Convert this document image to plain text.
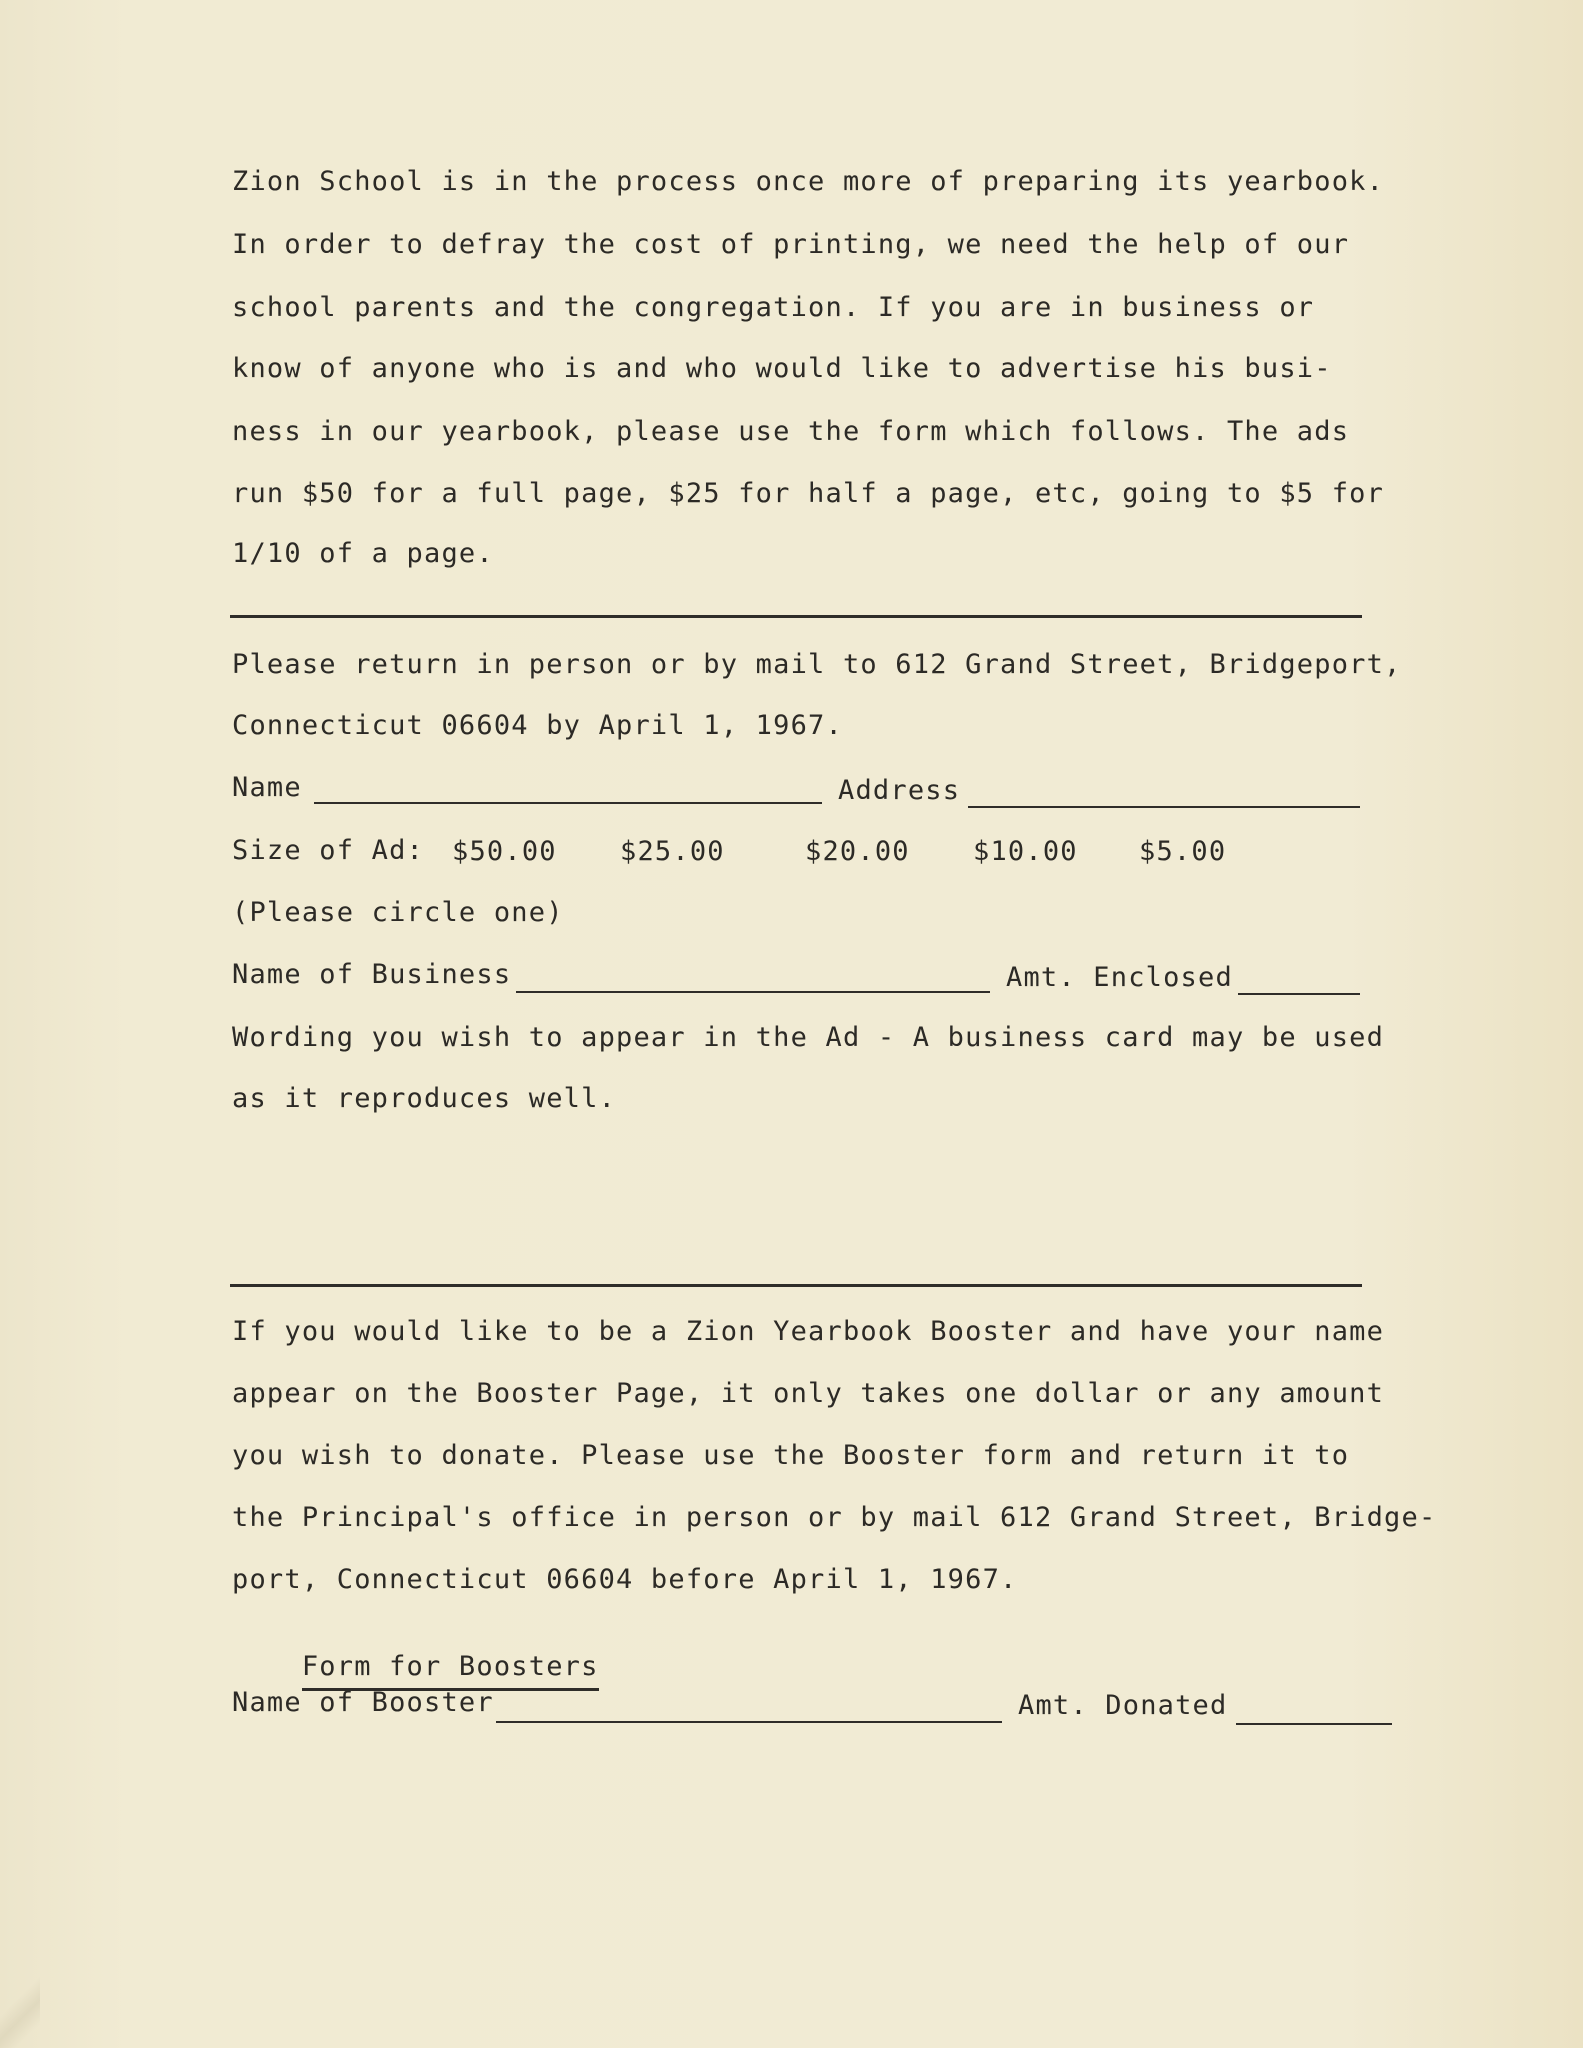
Zion School is in the process once more of preparing its yearbook.
In order to defray the cost of printing, we need the help of our
school parents and the congregation. If you are in business or
know of anyone who is and who would like to advertise his busi-
ness in our yearbook, please use the form which follows. The ads
run $50 for a full page, $25 for half a page, etc, going to $5 for
1/10 of a page.
Please return in person or by mail to 612 Grand Street, Bridgeport,
Connecticut 06604 by April 1, 1967.
Name	Address
Size of Ad: $50.00 $25.00	$20.00 $10.00 $5.00
(Please circle one)
Name of Business	Amt. Enclosed
Wording you wish to appear in the Ad - A business card may be used
as it reproduces well.
If you would like to be a Zion Yearbook Booster and have your name
appear on the Booster Page, it only takes one dollar or any amount
you wish to donate. Please use the Booster form and return it to
the Principal's office in person or by mail 612 Grand Street, Bridge-
port, Connecticut 06604 before April 1, 1967.

Form for Boosters

Name of Booster	Amt. Donated
